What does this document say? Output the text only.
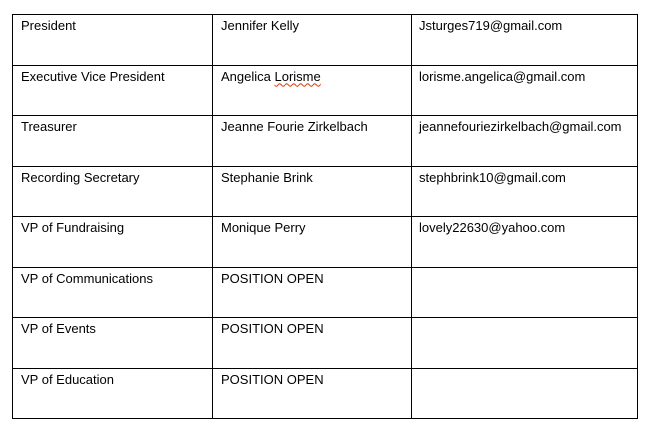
President	Jennifer Kelly	Jsturges719@gmail.com
Executive Vice President	Angelica Lorisme	lorisme.angelica@gmail.com
Treasurer	Jeanne Fourie Zirkelbach	jeannefouriezirkelbach@gmail.com
Recording Secretary	Stephanie Brink	stephbrink10@gmail.com
VP of Fundraising	Monique Perry	lovely22630@yahoo.com
VP of Communications	POSITION OPEN	
VP of Events	POSITION OPEN	
VP of Education	POSITION OPEN	
